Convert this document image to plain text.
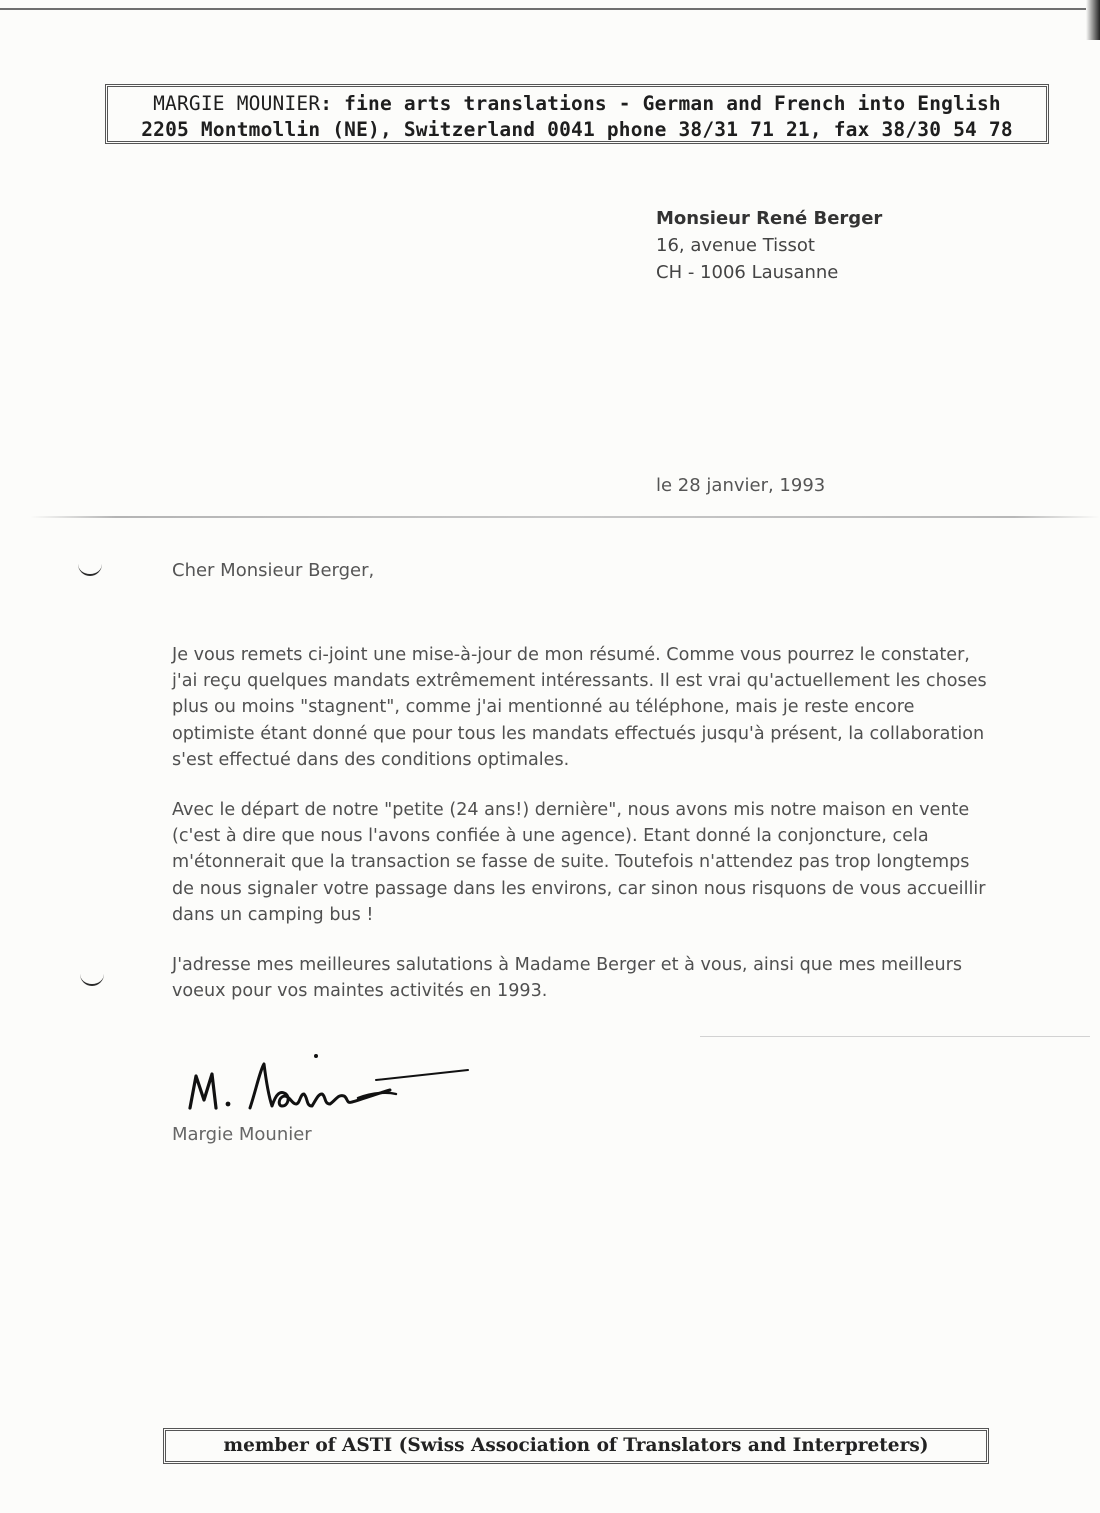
MARGIE MOUNIER: fine arts translations - German and French into English
2205 Montmollin (NE), Switzerland 0041 phone 38/31 71 21, fax 38/30 54 78
Monsieur René Berger
16, avenue Tissot
CH - 1006 Lausanne
le 28 janvier, 1993
Cher Monsieur Berger,

Je vous remets ci-joint une mise-à-jour de mon résumé. Comme vous pourrez le constater, j'ai reçu quelques mandats extrêmement intéressants. Il est vrai qu'actuellement les choses plus ou moins "stagnent", comme j'ai mentionné au téléphone, mais je reste encore optimiste étant donné que pour tous les mandats effectués jusqu'à présent, la collaboration s'est effectué dans des conditions optimales.

Avec le départ de notre "petite (24 ans!) dernière", nous avons mis notre maison en vente (c'est à dire que nous l'avons confiée à une agence). Etant donné la conjoncture, cela m'étonnerait que la transaction se fasse de suite. Toutefois n'attendez pas trop longtemps de nous signaler votre passage dans les environs, car sinon nous risquons de vous accueillir dans un camping bus !

J'adresse mes meilleures salutations à Madame Berger et à vous, ainsi que mes meilleurs voeux pour vos maintes activités en 1993.

Margie Mounier
member of ASTI (Swiss Association of Translators and Interpreters)
